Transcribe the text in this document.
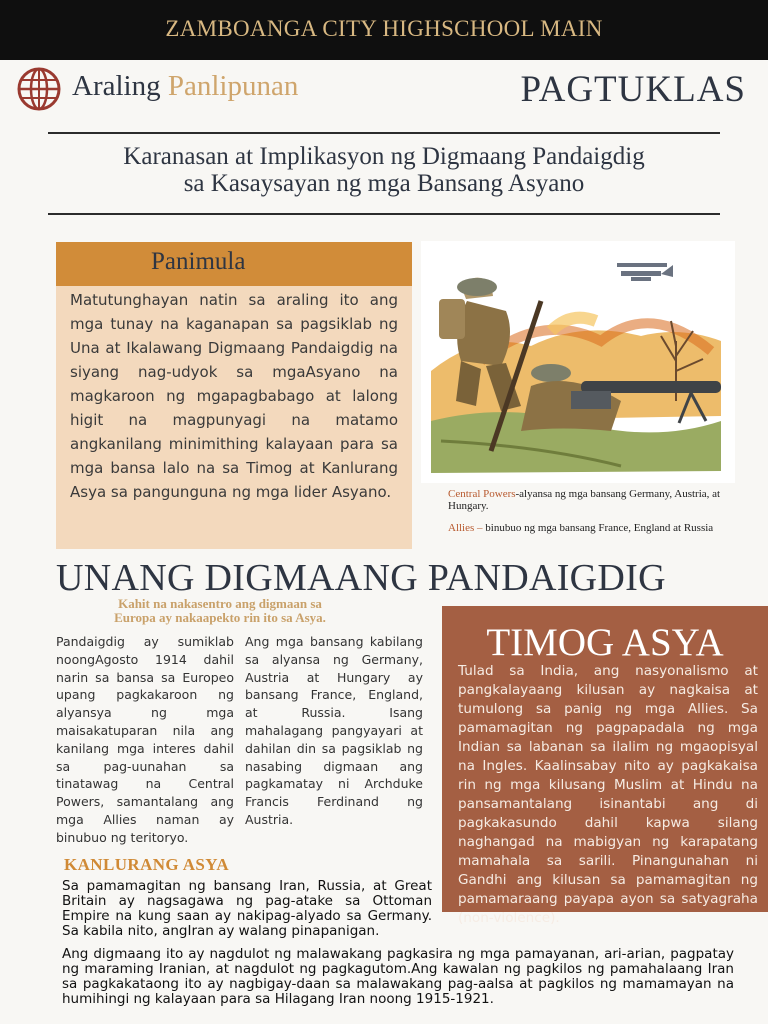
ZAMBOANGA CITY HIGHSCHOOL MAIN
Araling Panlipunan	PAGTUKLAS
Karanasan at Implikasyon ng Digmaang Pandaigdig
sa Kasaysayan ng mga Bansang Asyano
Panimula
Matutunghayan natin sa araling ito ang mga tunay na kaganapan sa pagsiklab ng Una at Ikalawang Digmaang Pandaigdig na siyang nag-udyok sa mgaAsyano na magkaroon ng mgapagbabago at lalong higit na magpunyagi na matamo angkanilang minimithing kalayaan para sa mga bansa lalo na sa Timog at Kanlurang Asya sa pangunguna ng mga lider Asyano.	Central Powers-alyansa ng mga bansang Germany, Austria, at Hungary.
Allies – binubuo ng mga bansang France, England at Russia
UNANG DIGMAANG PANDAIGDIG
Kahit na nakasentro ang digmaan sa
Europa ay nakaapekto rin ito sa Asya.
Pandaigdig ay sumiklab noongAgosto 1914 dahil narin sa bansa sa Europeo upang pagkakaroon ng alyansya ng mga maisakatuparan nila ang kanilang mga interes dahil sa pag-uunahan sa tinatawag na Central Powers, samantalang ang mga Allies naman ay binubuo ng teritoryo.
Ang mga bansang kabilang sa alyansa ng Germany, Austria at Hungary ay bansang France, England, at Russia. Isang mahalagang pangyayari at dahilan din sa pagsiklab ng nasabing digmaan ang pagkamatay ni Archduke Francis Ferdinand ng Austria.
TIMOG ASYA
Tulad sa India, ang nasyonalismo at pangkalayaang kilusan ay nagkaisa at tumulong sa panig ng mga Allies. Sa pamamagitan ng pagpapadala ng mga Indian sa labanan sa ilalim ng mgaopisyal na Ingles. Kaalinsabay nito ay pagkakaisa rin ng mga kilusang Muslim at Hindu na pansamantalang isinantabi ang di pagkakasundo dahil kapwa silang naghangad na mabigyan ng karapatang mamahala sa sarili. Pinangunahan ni Gandhi ang kilusan sa pamamagitan ng pamamaraang payapa ayon sa satyagraha (non-violence).
KANLURANG ASYA
Sa pamamagitan ng bansang Iran, Russia, at Great Britain ay nagsagawa ng pag-atake sa Ottoman Empire na kung saan ay nakipag-alyado sa Germany. Sa kabila nito, angIran ay walang pinapanigan.
Ang digmaang ito ay nagdulot ng malawakang pagkasira ng mga pamayanan, ari-arian, pagpatay ng maraming Iranian, at nagdulot ng pagkagutom.Ang kawalan ng pagkilos ng pamahalaang Iran sa pagkakataong ito ay nagbigay-daan sa malawakang pag-aalsa at pagkilos ng mamamayan na humihingi ng kalayaan para sa Hilagang Iran noong 1915-1921.
